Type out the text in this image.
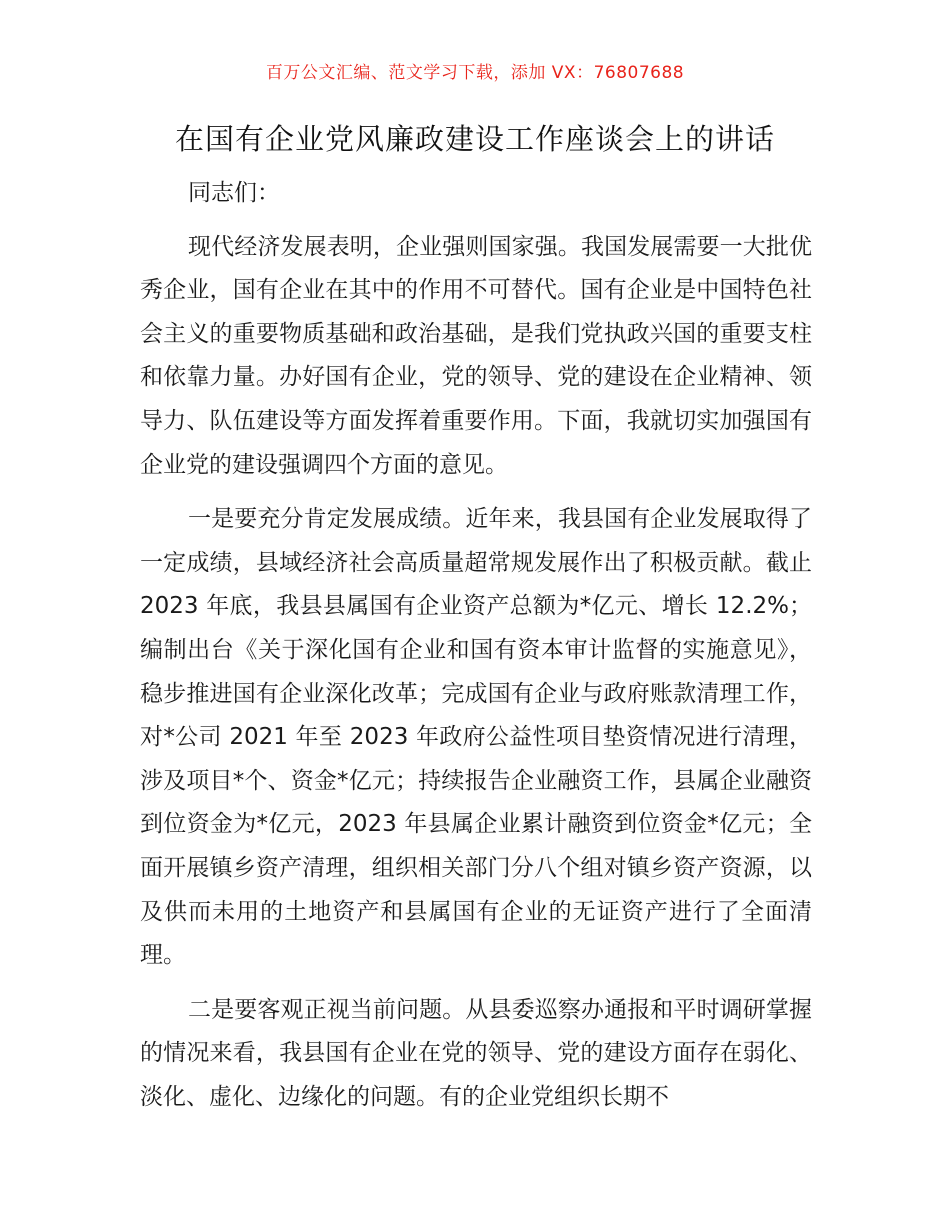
百万公文汇编、范文学习下载，添加 VX：76807688
在国有企业党风廉政建设工作座谈会上的讲话

同志们：

现代经济发展表明，企业强则国家强。我国发展需要一大批优秀企业，国有企业在其中的作用不可替代。国有企业是中国特色社会主义的重要物质基础和政治基础，是我们党执政兴国的重要支柱和依靠力量。办好国有企业，党的领导、党的建设在企业精神、领导力、队伍建设等方面发挥着重要作用。下面，我就切实加强国有企业党的建设强调四个方面的意见。

一是要充分肯定发展成绩。近年来，我县国有企业发展取得了一定成绩，县域经济社会高质量超常规发展作出了积极贡献。截止 2023 年底，我县县属国有企业资产总额为*亿元、增长 12.2%；编制出台《关于深化国有企业和国有资本审计监督的实施意见》，稳步推进国有企业深化改革；完成国有企业与政府账款清理工作，对*公司 2021 年至 2023 年政府公益性项目垫资情况进行清理，涉及项目*个、资金*亿元；持续报告企业融资工作，县属企业融资到位资金为*亿元，2023 年县属企业累计融资到位资金*亿元；全面开展镇乡资产清理，组织相关部门分八个组对镇乡资产资源，以及供而未用的土地资产和县属国有企业的无证资产进行了全面清理。

二是要客观正视当前问题。从县委巡察办通报和平时调研掌握的情况来看，我县国有企业在党的领导、党的建设方面存在弱化、淡化、虚化、边缘化的问题。有的企业党组织长期不
